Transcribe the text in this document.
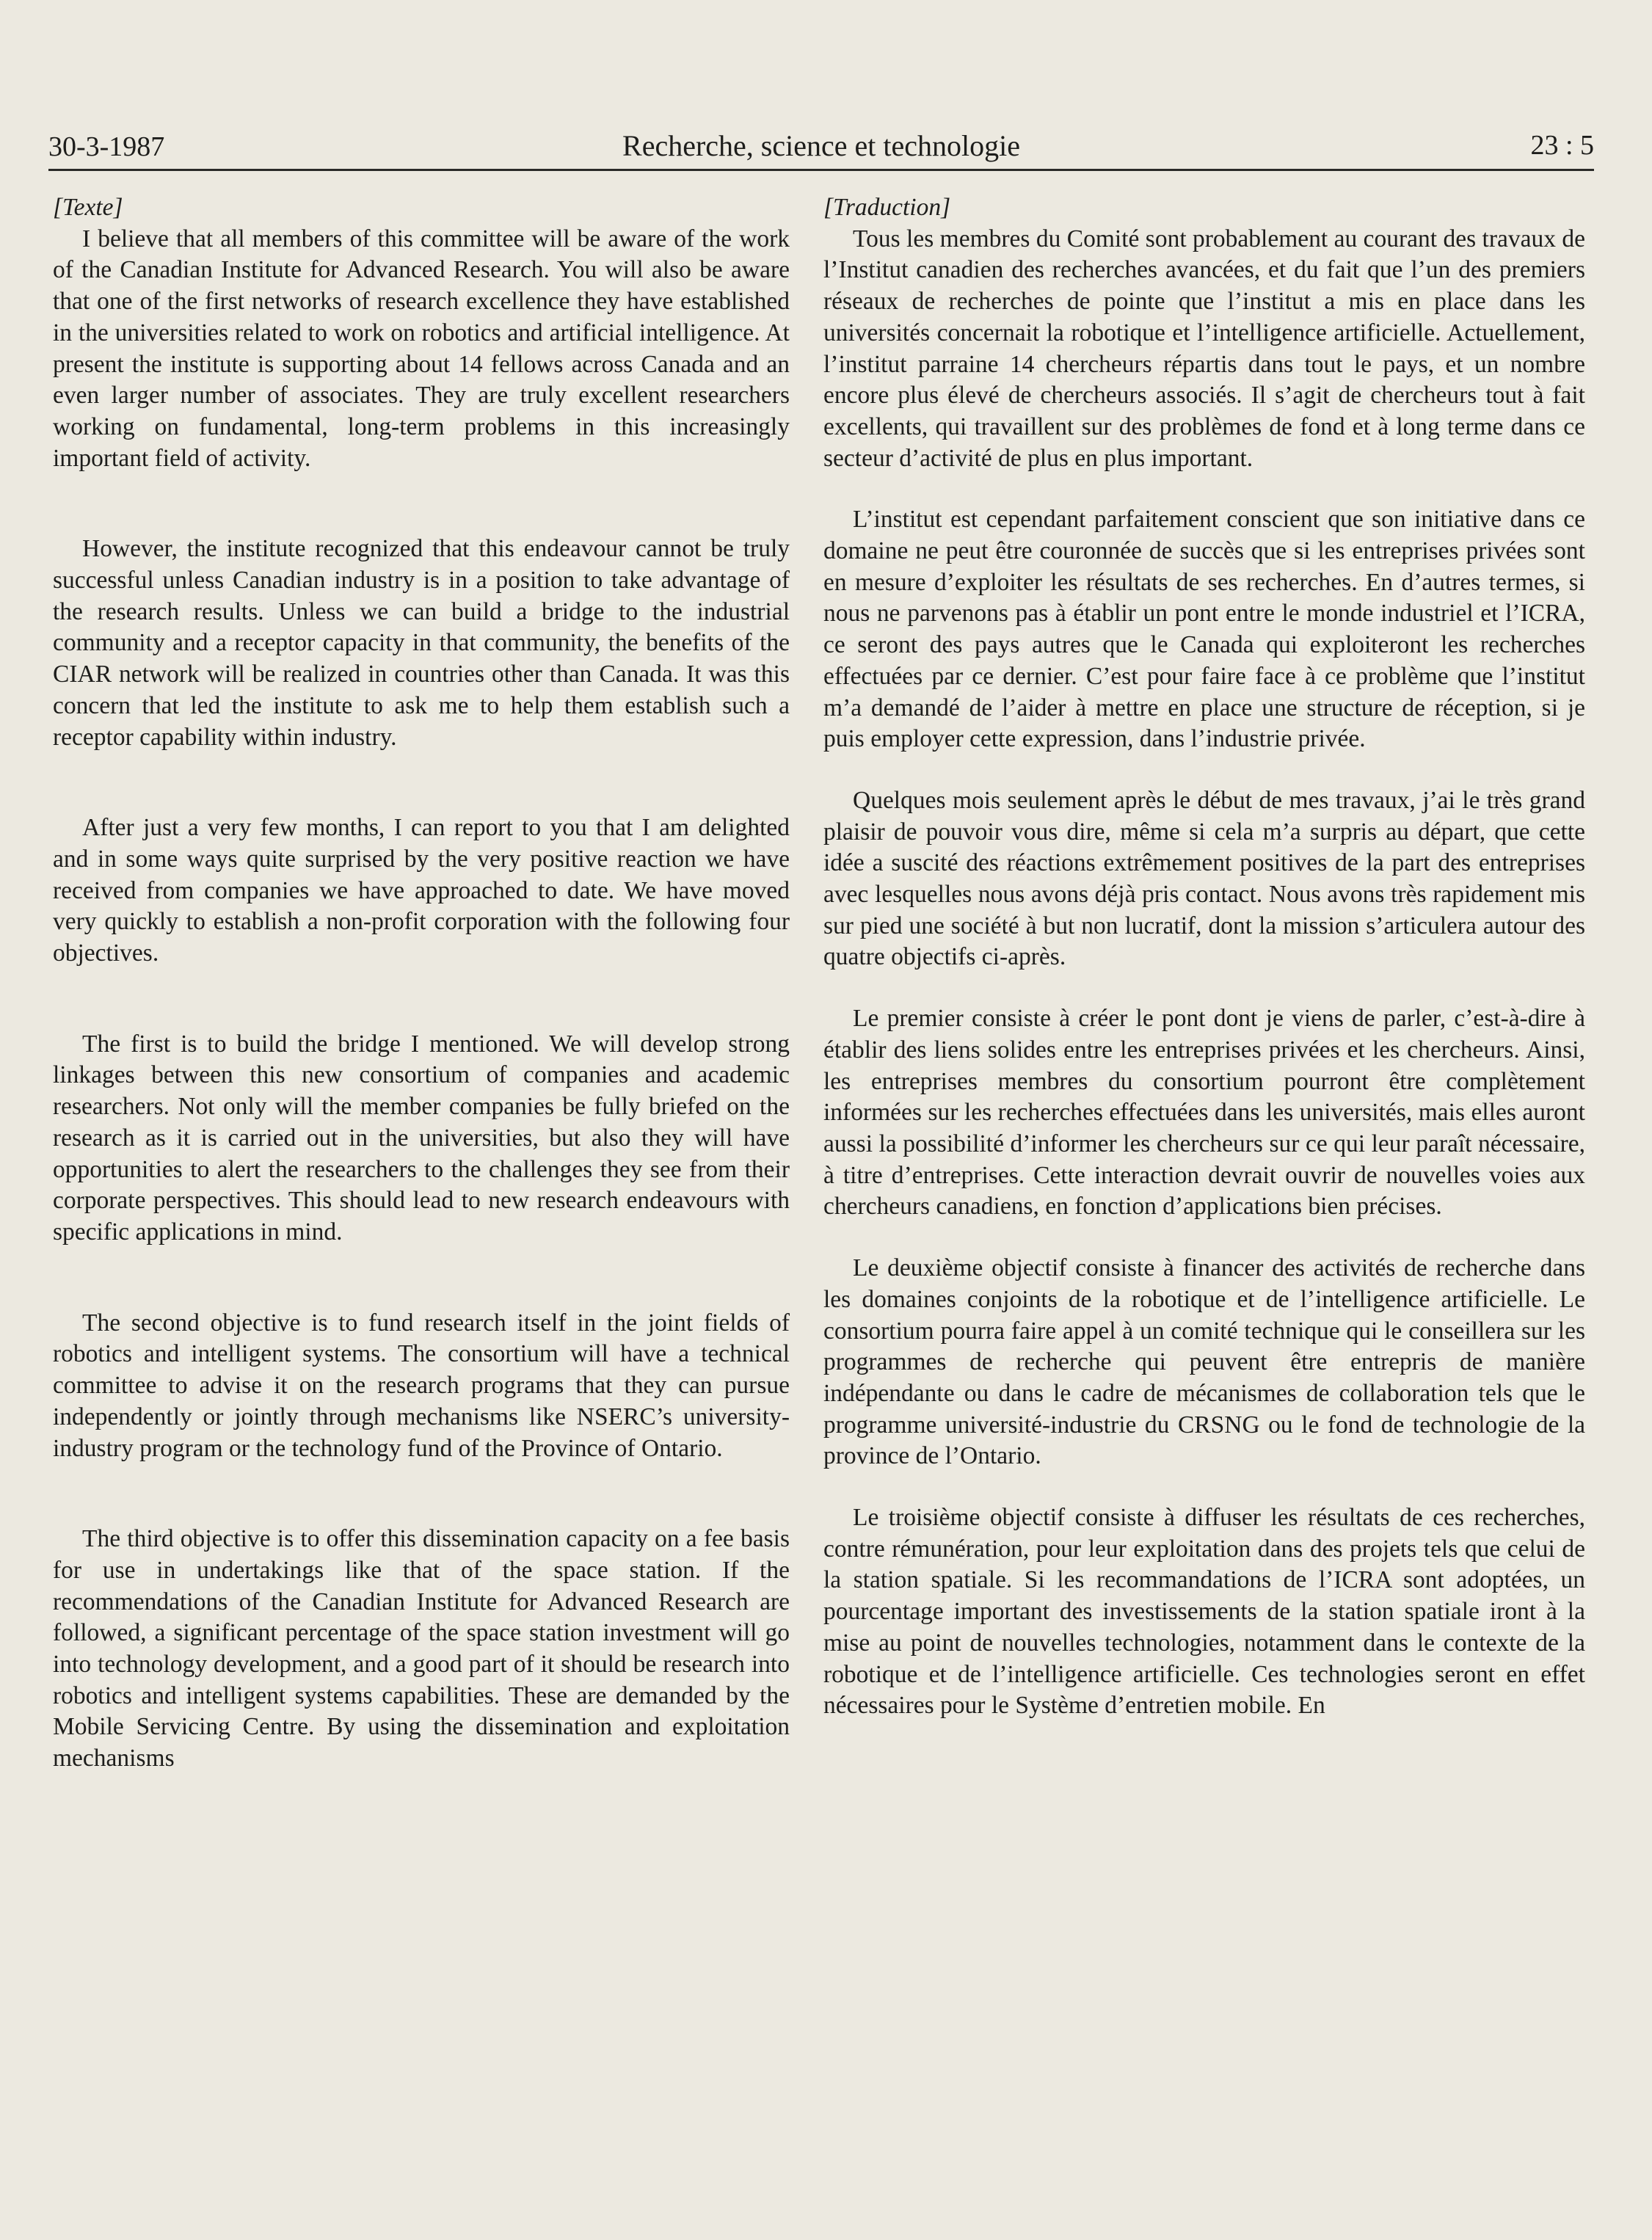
30-3-1987	Recherche, science et technologie	23 : 5

[Texte]

I believe that all members of this committee will be aware of the work of the Canadian Institute for Advanced Research. You will also be aware that one of the first networks of research excellence they have established in the universities related to work on robotics and artificial intelligence. At present the institute is supporting about 14 fellows across Canada and an even larger number of associates. They are truly excellent researchers working on fundamental, long-term problems in this increasingly important field of activity.

However, the institute recognized that this endeavour cannot be truly successful unless Canadian industry is in a position to take advantage of the research results. Unless we can build a bridge to the industrial community and a receptor capacity in that community, the benefits of the CIAR network will be realized in countries other than Canada. It was this concern that led the institute to ask me to help them establish such a receptor capability within industry.

After just a very few months, I can report to you that I am delighted and in some ways quite surprised by the very positive reaction we have received from companies we have approached to date. We have moved very quickly to establish a non-profit corporation with the following four objectives.

The first is to build the bridge I mentioned. We will develop strong linkages between this new consortium of companies and academic researchers. Not only will the member companies be fully briefed on the research as it is carried out in the universities, but also they will have opportunities to alert the researchers to the challenges they see from their corporate perspectives. This should lead to new research endeavours with specific applications in mind.

The second objective is to fund research itself in the joint fields of robotics and intelligent systems. The consortium will have a technical committee to advise it on the research programs that they can pursue independently or jointly through mechanisms like NSERC’s university-industry program or the technology fund of the Province of Ontario.

The third objective is to offer this dissemination capacity on a fee basis for use in undertakings like that of the space station. If the recommendations of the Canadian Institute for Advanced Research are followed, a significant percentage of the space station investment will go into technology development, and a good part of it should be research into robotics and intelligent systems capabilities. These are demanded by the Mobile Servicing Centre. By using the dissemination and exploitation mechanisms

[Traduction]

Tous les membres du Comité sont probablement au courant des travaux de l’Institut canadien des recherches avancées, et du fait que l’un des premiers réseaux de recherches de pointe que l’institut a mis en place dans les universités concernait la robotique et l’intelligence artificielle. Actuellement, l’institut parraine 14 chercheurs répartis dans tout le pays, et un nombre encore plus élevé de chercheurs associés. Il s’agit de chercheurs tout à fait excellents, qui travaillent sur des problèmes de fond et à long terme dans ce secteur d’activité de plus en plus important.

L’institut est cependant parfaitement conscient que son initiative dans ce domaine ne peut être couronnée de succès que si les entreprises privées sont en mesure d’exploiter les résultats de ses recherches. En d’autres termes, si nous ne parvenons pas à établir un pont entre le monde industriel et l’ICRA, ce seront des pays autres que le Canada qui exploiteront les recherches effectuées par ce dernier. C’est pour faire face à ce problème que l’institut m’a demandé de l’aider à mettre en place une structure de réception, si je puis employer cette expression, dans l’industrie privée.

Quelques mois seulement après le début de mes travaux, j’ai le très grand plaisir de pouvoir vous dire, même si cela m’a surpris au départ, que cette idée a suscité des réactions extrêmement positives de la part des entreprises avec lesquelles nous avons déjà pris contact. Nous avons très rapidement mis sur pied une société à but non lucratif, dont la mission s’articulera autour des quatre objectifs ci-après.

Le premier consiste à créer le pont dont je viens de parler, c’est-à-dire à établir des liens solides entre les entreprises privées et les chercheurs. Ainsi, les entreprises membres du consortium pourront être complètement informées sur les recherches effectuées dans les universités, mais elles auront aussi la possibilité d’informer les chercheurs sur ce qui leur paraît nécessaire, à titre d’entreprises. Cette interaction devrait ouvrir de nouvelles voies aux chercheurs canadiens, en fonction d’applications bien précises.

Le deuxième objectif consiste à financer des activités de recherche dans les domaines conjoints de la robotique et de l’intelligence artificielle. Le consortium pourra faire appel à un comité technique qui le conseillera sur les programmes de recherche qui peuvent être entrepris de manière indépendante ou dans le cadre de mécanismes de collaboration tels que le programme université-industrie du CRSNG ou le fond de technologie de la province de l’Ontario.

Le troisième objectif consiste à diffuser les résultats de ces recherches, contre rémunération, pour leur exploitation dans des projets tels que celui de la station spatiale. Si les recommandations de l’ICRA sont adoptées, un pourcentage important des investissements de la station spatiale iront à la mise au point de nouvelles technologies, notamment dans le contexte de la robotique et de l’intelligence artificielle. Ces technologies seront en effet nécessaires pour le Système d’entretien mobile. En
